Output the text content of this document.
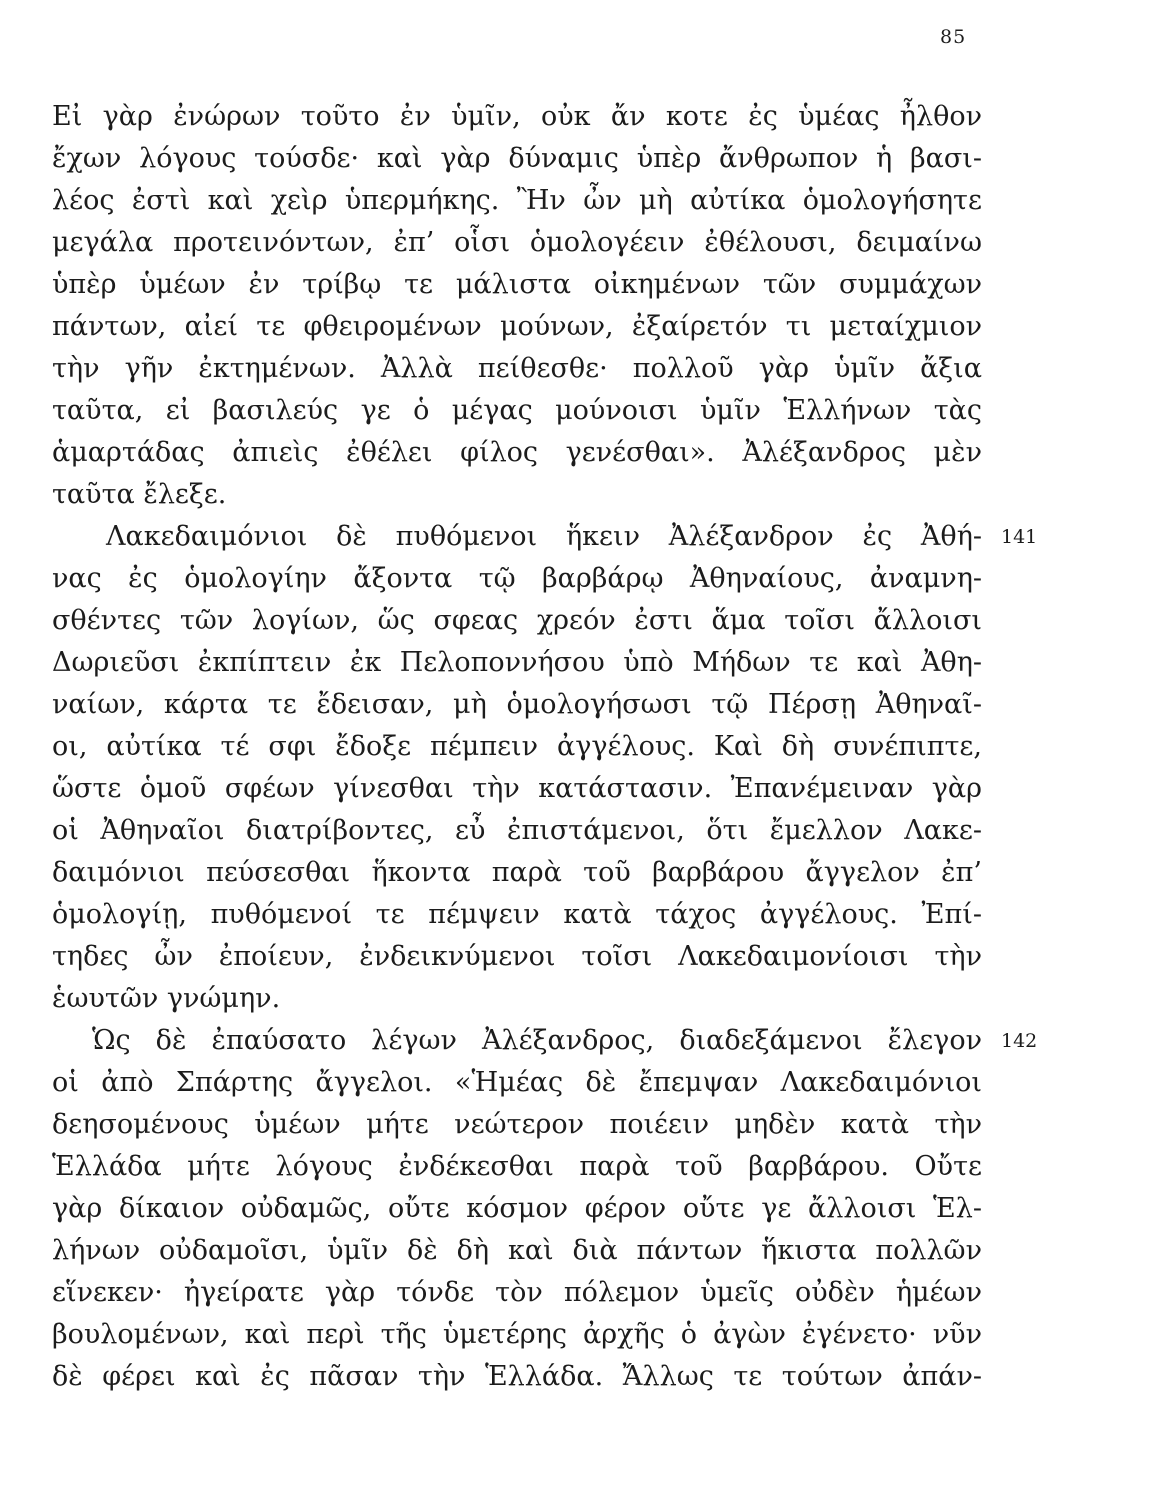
85
Εἰ γὰρ ἐνώρων τοῦτο ἐν ὑμῖν, οὐκ ἄν κοτε ἐς ὑμέας ἦλθον
ἔχων λόγους τούσδε· καὶ γὰρ δύναμις ὑπὲρ ἄνθρωπον ἡ βασι-
λέος ἐστὶ καὶ χεὶρ ὑπερμήκης. Ἢν ὦν μὴ αὐτίκα ὁμολογήσητε
μεγάλα προτεινόντων, ἐπ’ οἷσι ὁμολογέειν ἐθέλουσι, δειμαίνω
ὑπὲρ ὑμέων ἐν τρίβῳ τε μάλιστα οἰκημένων τῶν συμμάχων
πάντων, αἰεί τε φθειρομένων μούνων, ἐξαίρετόν τι μεταίχμιον
τὴν γῆν ἐκτημένων. Ἀλλὰ πείθεσθε· πολλοῦ γὰρ ὑμῖν ἄξια
ταῦτα, εἰ βασιλεύς γε ὁ μέγας μούνοισι ὑμῖν Ἑλλήνων τὰς
ἁμαρτάδας ἀπιεὶς ἐθέλει φίλος γενέσθαι». Ἀλέξανδρος μὲν
ταῦτα ἔλεξε.
Λακεδαιμόνιοι δὲ πυθόμενοι ἥκειν Ἀλέξανδρον ἐς Ἀθή- 141
νας ἐς ὁμολογίην ἄξοντα τῷ βαρβάρῳ Ἀθηναίους, ἀναμνη-
σθέντες τῶν λογίων, ὥς σφεας χρεόν ἐστι ἅμα τοῖσι ἄλλοισι
Δωριεῦσι ἐκπίπτειν ἐκ Πελοποννήσου ὑπὸ Μήδων τε καὶ Ἀθη-
ναίων, κάρτα τε ἔδεισαν, μὴ ὁμολογήσωσι τῷ Πέρσῃ Ἀθηναῖ-
οι, αὐτίκα τέ σφι ἔδοξε πέμπειν ἀγγέλους. Καὶ δὴ συνέπιπτε,
ὥστε ὁμοῦ σφέων γίνεσθαι τὴν κατάστασιν. Ἐπανέμειναν γὰρ
οἱ Ἀθηναῖοι διατρίβοντες, εὖ ἐπιστάμενοι, ὅτι ἔμελλον Λακε-
δαιμόνιοι πεύσεσθαι ἥκοντα παρὰ τοῦ βαρβάρου ἄγγελον ἐπ’
ὁμολογίῃ, πυθόμενοί τε πέμψειν κατὰ τάχος ἀγγέλους. Ἐπί-
τηδες ὦν ἐποίευν, ἐνδεικνύμενοι τοῖσι Λακεδαιμονίοισι τὴν
ἑωυτῶν γνώμην.
Ὡς δὲ ἐπαύσατο λέγων Ἀλέξανδρος, διαδεξάμενοι ἔλεγον 142
οἱ ἀπὸ Σπάρτης ἄγγελοι. «Ἡμέας δὲ ἔπεμψαν Λακεδαιμόνιοι
δεησομένους ὑμέων μήτε νεώτερον ποιέειν μηδὲν κατὰ τὴν
Ἑλλάδα μήτε λόγους ἐνδέκεσθαι παρὰ τοῦ βαρβάρου. Οὔτε
γὰρ δίκαιον οὐδαμῶς, οὔτε κόσμον φέρον οὔτε γε ἄλλοισι Ἑλ-
λήνων οὐδαμοῖσι, ὑμῖν δὲ δὴ καὶ διὰ πάντων ἥκιστα πολλῶν
εἵνεκεν· ἠγείρατε γὰρ τόνδε τὸν πόλεμον ὑμεῖς οὐδὲν ἡμέων
βουλομένων, καὶ περὶ τῆς ὑμετέρης ἀρχῆς ὁ ἀγὼν ἐγένετο· νῦν
δὲ φέρει καὶ ἐς πᾶσαν τὴν Ἑλλάδα. Ἄλλως τε τούτων ἀπάν-
